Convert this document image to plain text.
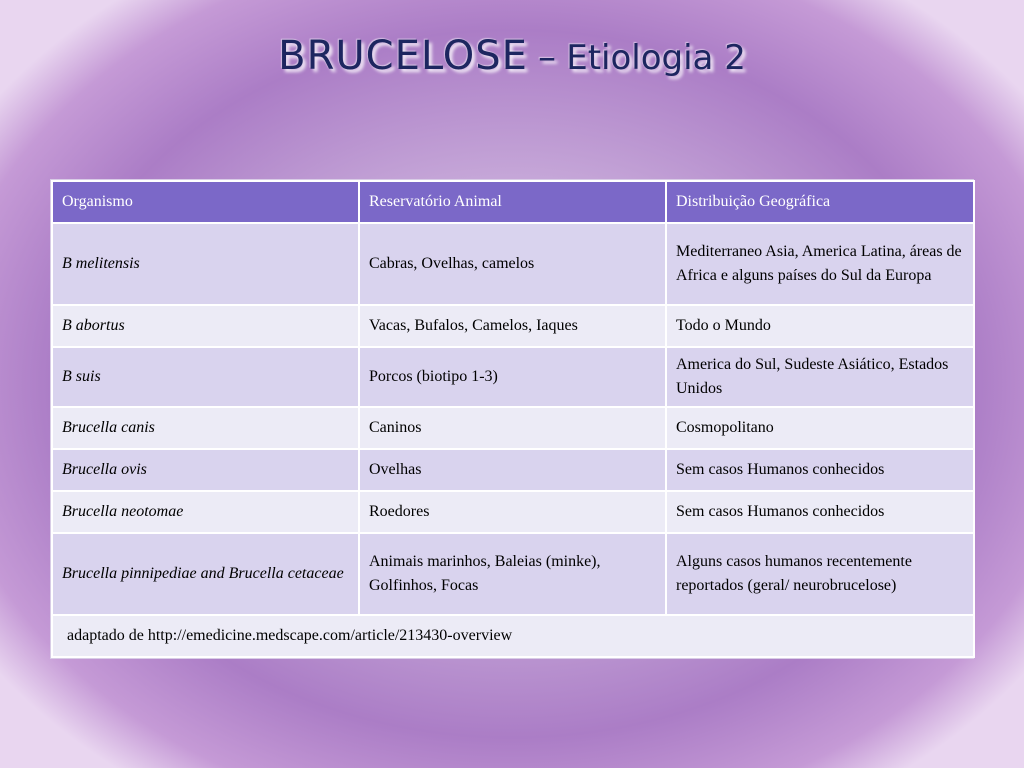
BRUCELOSE – Etiologia 2
Organismo	Reservatório Animal	Distribuição Geográfica
B melitensis	Cabras, Ovelhas, camelos	Mediterraneo Asia, America Latina, áreas de Africa e alguns países do Sul da Europa
B abortus	Vacas, Bufalos, Camelos, Iaques	Todo o Mundo
B suis	Porcos (biotipo 1-3)	America do Sul, Sudeste Asiático, Estados Unidos
Brucella canis	Caninos	Cosmopolitano
Brucella ovis	Ovelhas	Sem casos Humanos conhecidos
Brucella neotomae	Roedores	Sem casos Humanos conhecidos
Brucella pinnipediae and Brucella cetaceae	Animais marinhos, Baleias (minke), Golfinhos, Focas	Alguns casos humanos recentemente reportados (geral/ neurobrucelose)
adaptado de http://emedicine.medscape.com/article/213430-overview		
